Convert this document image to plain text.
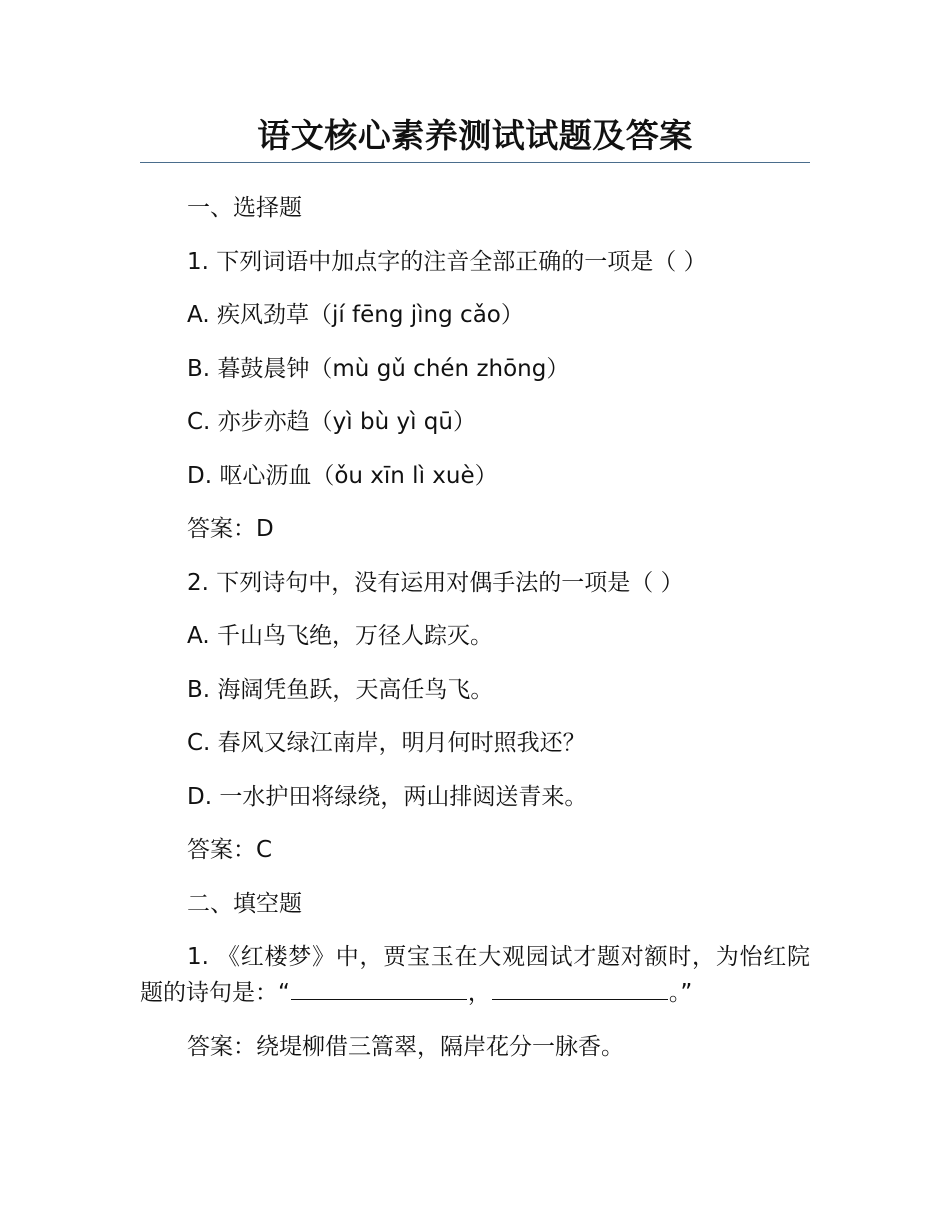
语文核心素养测试试题及答案

一、选择题

1. 下列词语中加点字的注音全部正确的一项是（ ）

A. 疾风劲草（jí fēng jìng cǎo）

B. 暮鼓晨钟（mù gǔ chén zhōng）

C. 亦步亦趋（yì bù yì qū）

D. 呕心沥血（ǒu xīn lì xuè）

答案：D

2. 下列诗句中，没有运用对偶手法的一项是（ ）

A. 千山鸟飞绝，万径人踪灭。

B. 海阔凭鱼跃，天高任鸟飞。

C. 春风又绿江南岸，明月何时照我还？

D. 一水护田将绿绕，两山排闼送青来。

答案：C

二、填空题

1. 《红楼梦》中，贾宝玉在大观园试才题对额时，为怡红院题的诗句是：“	，	。”

答案：绕堤柳借三篙翠，隔岸花分一脉香。
